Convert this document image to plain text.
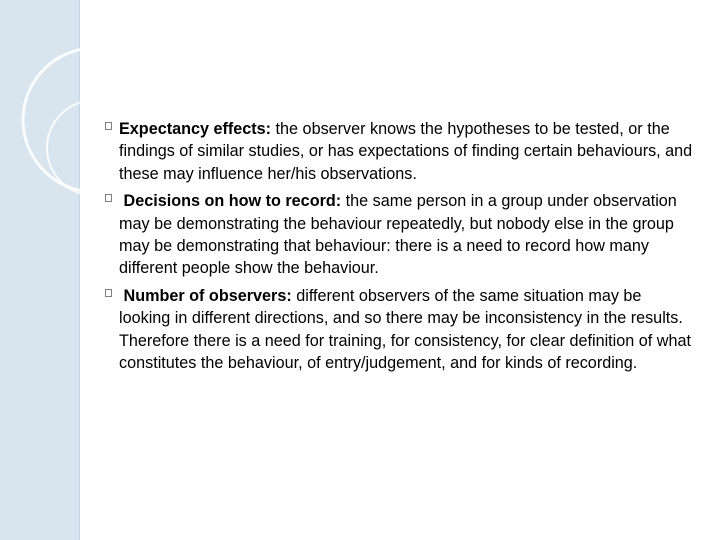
Expectancy effects: the observer knows the hypotheses to be tested, or the findings of similar studies, or has expectations of finding certain behaviours, and these may influence her/his observations.
Decisions on how to record: the same person in a group under observation may be demonstrating the behaviour repeatedly, but nobody else in the group may be demonstrating that behaviour: there is a need to record how many different people show the behaviour.
Number of observers: different observers of the same situation may be looking in different directions, and so there may be inconsistency in the results. Therefore there is a need for training, for consistency, for clear definition of what constitutes the behaviour, of entry/judgement, and for kinds of recording.
